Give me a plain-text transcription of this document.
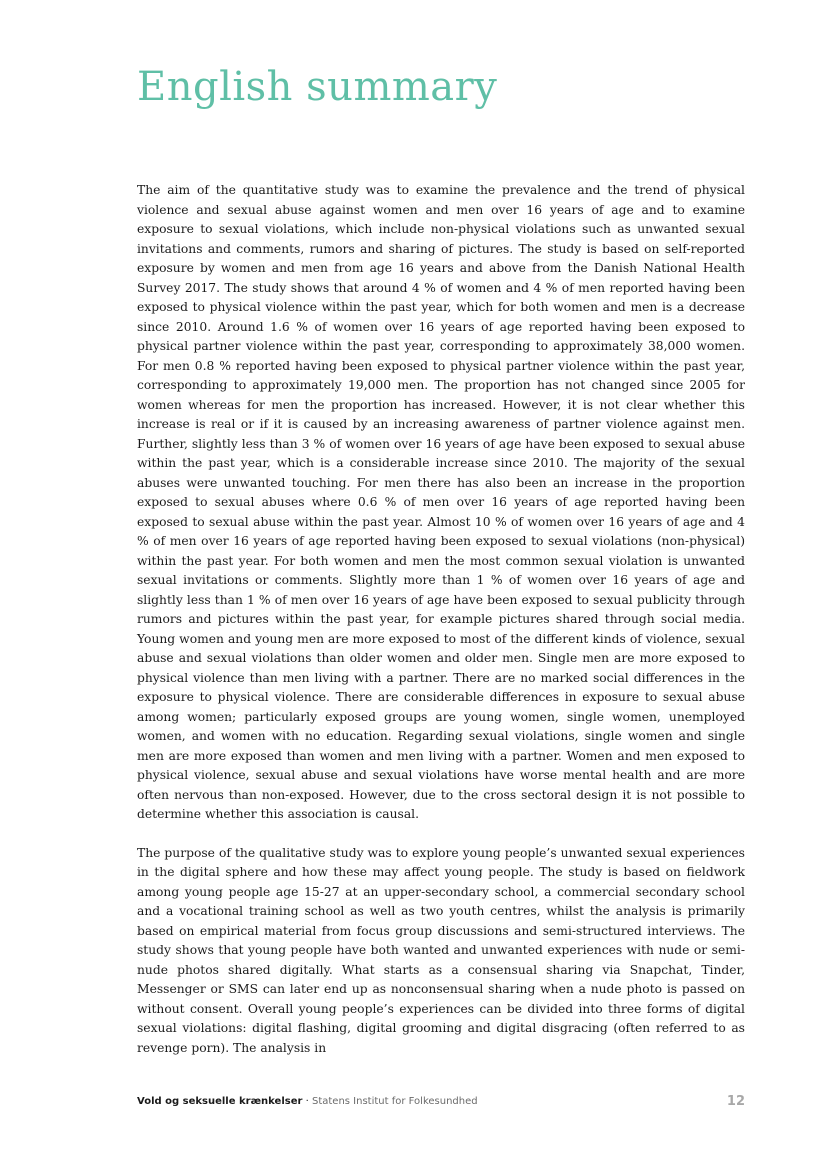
English summary

The aim of the quantitative study was to examine the prevalence and the trend of physical violence and sexual abuse against women and men over 16 years of age and to examine exposure to sexual violations, which include non-physical violations such as unwanted sexual invitations and comments, rumors and sharing of pictures. The study is based on self-reported exposure by women and men from age 16 years and above from the Danish National Health Survey 2017. The study shows that around 4 % of women and 4 % of men reported having been exposed to physical violence within the past year, which for both women and men is a decrease since 2010. Around 1.6 % of women over 16 years of age reported having been exposed to physical partner violence within the past year, corresponding to approximately 38,000 women. For men 0.8 % reported having been exposed to physical partner violence within the past year, corresponding to approximately 19,000 men. The proportion has not changed since 2005 for women whereas for men the proportion has increased. However, it is not clear whether this increase is real or if it is caused by an increasing awareness of partner violence against men. Further, slightly less than 3 % of women over 16 years of age have been exposed to sexual abuse within the past year, which is a considerable increase since 2010. The majority of the sexual abuses were unwanted touching. For men there has also been an increase in the proportion exposed to sexual abuses where 0.6 % of men over 16 years of age reported having been exposed to sexual abuse within the past year. Almost 10 % of women over 16 years of age and 4 % of men over 16 years of age reported having been exposed to sexual violations (non-physical) within the past year. For both women and men the most common sexual violation is unwanted sexual invitations or comments. Slightly more than 1 % of women over 16 years of age and slightly less than 1 % of men over 16 years of age have been exposed to sexual publicity through rumors and pictures within the past year, for example pictures shared through social media. Young women and young men are more exposed to most of the different kinds of violence, sexual abuse and sexual violations than older women and older men. Single men are more exposed to physical violence than men living with a partner. There are no marked social differences in the exposure to physical violence. There are considerable differences in exposure to sexual abuse among women; particularly exposed groups are young women, single women, unemployed women, and women with no education. Regarding sexual violations, single women and single men are more exposed than women and men living with a partner. Women and men exposed to physical violence, sexual abuse and sexual violations have worse mental health and are more often nervous than non-exposed. However, due to the cross sectoral design it is not possible to determine whether this association is causal.

The purpose of the qualitative study was to explore young people’s unwanted sexual experiences in the digital sphere and how these may affect young people. The study is based on fieldwork among young people age 15-27 at an upper-secondary school, a commercial secondary school and a vocational training school as well as two youth centres, whilst the analysis is primarily based on empirical material from focus group discussions and semi-structured interviews. The study shows that young people have both wanted and unwanted experiences with nude or semi-nude photos shared digitally. What starts as a consensual sharing via Snapchat, Tinder, Messenger or SMS can later end up as nonconsensual sharing when a nude photo is passed on without consent. Overall young people’s experiences can be divided into three forms of digital sexual violations: digital flashing, digital grooming and digital disgracing (often referred to as revenge porn). The analysis in

Vold og seksuelle krænkelser · Statens Institut for Folkesundhed	12
